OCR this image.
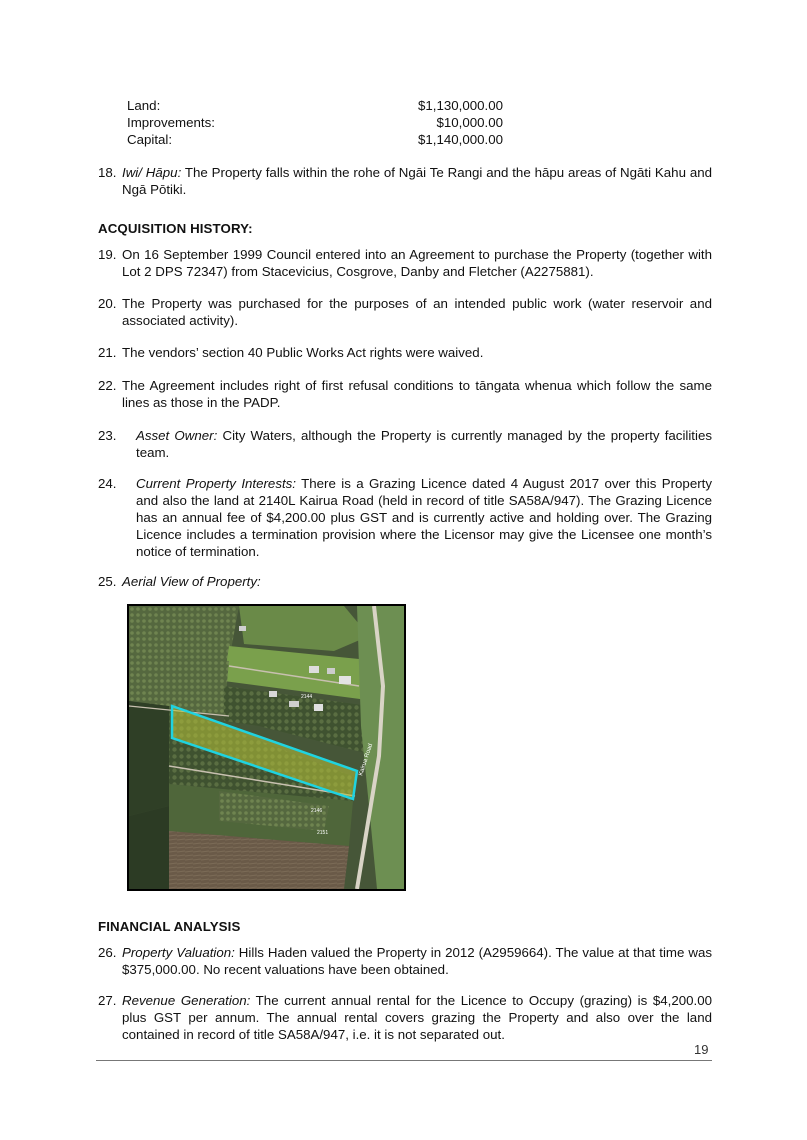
Land:	$1,130,000.00
Improvements:	$10,000.00
Capital:	$1,140,000.00
18. Iwi/ Hāpu: The Property falls within the rohe of Ngāi Te Rangi and the hāpu areas of Ngāti Kahu and Ngā Pōtiki.
ACQUISITION HISTORY:
19. On 16 September 1999 Council entered into an Agreement to purchase the Property (together with Lot 2 DPS 72347) from Stacevicius, Cosgrove, Danby and Fletcher (A2275881).
20. The Property was purchased for the purposes of an intended public work (water reservoir and associated activity).
21. The vendors’ section 40 Public Works Act rights were waived.
22. The Agreement includes right of first refusal conditions to tāngata whenua which follow the same lines as those in the PADP.
23. Asset Owner: City Waters, although the Property is currently managed by the property facilities team.
24. Current Property Interests: There is a Grazing Licence dated 4 August 2017 over this Property and also the land at 2140L Kairua Road (held in record of title SA58A/947). The Grazing Licence has an annual fee of $4,200.00 plus GST and is currently active and holding over. The Grazing Licence includes a termination provision where the Licensor may give the Licensee one month’s notice of termination.
25. Aerial View of Property:
Kairua Road
2144
2146
2151
FINANCIAL ANALYSIS
26. Property Valuation: Hills Haden valued the Property in 2012 (A2959664). The value at that time was $375,000.00. No recent valuations have been obtained.
27. Revenue Generation: The current annual rental for the Licence to Occupy (grazing) is $4,200.00 plus GST per annum. The annual rental covers grazing the Property and also over the land contained in record of title SA58A/947, i.e. it is not separated out.
19
